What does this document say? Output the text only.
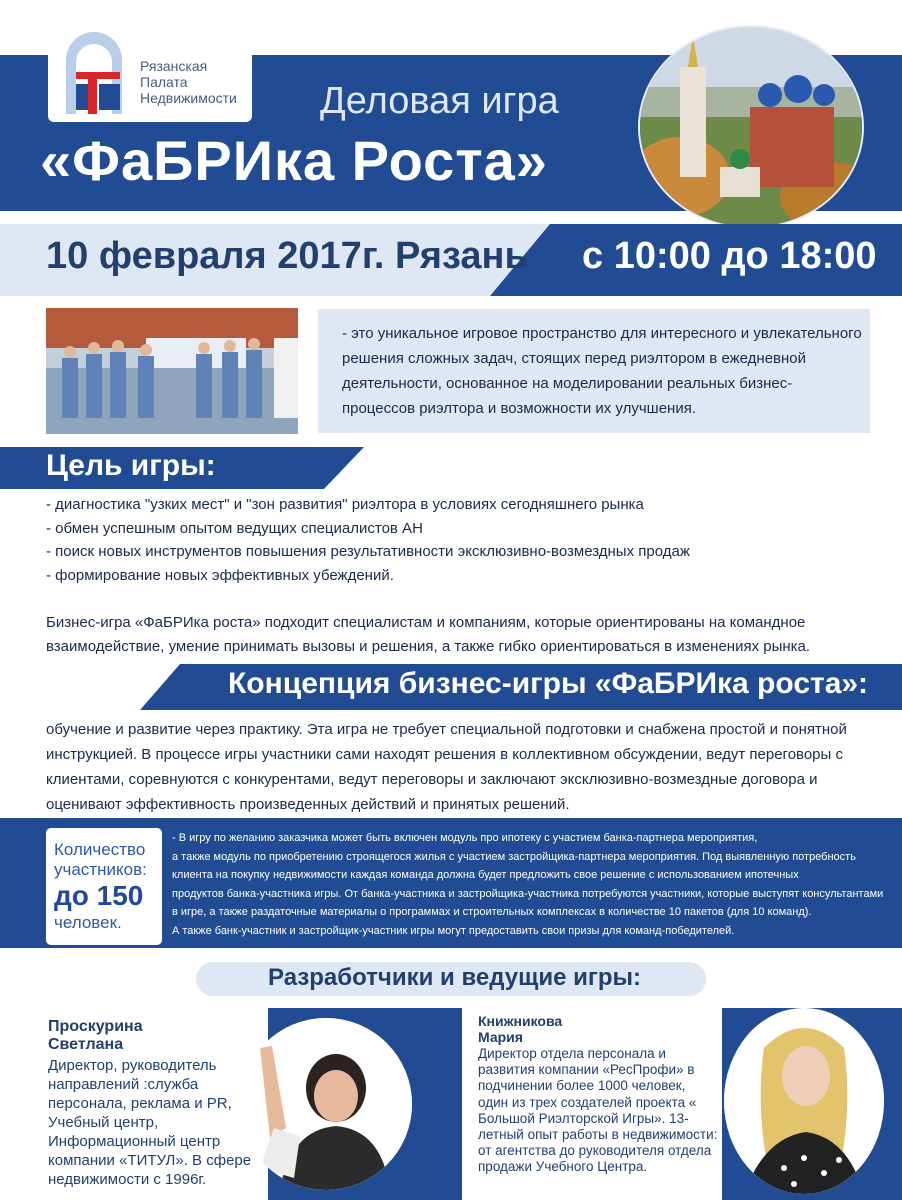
Рязанская
Палата
Недвижимости Деловая игра
«ФаБРИка Роста»
10 февраля 2017г. Рязань с 10:00 до 18:00
- это уникальное игровое пространство для интересного и увлекательного решения сложных задач, стоящих перед риэлтором в ежедневной деятельности, основанное на моделировании реальных бизнес-процессов риэлтора и возможности их улучшения.
Цель игры:
- диагностика "узких мест" и "зон развития" риэлтора в условиях сегодняшнего рынка
- обмен успешным опытом ведущих специалистов АН
- поиск новых инструментов повышения результативности эксклюзивно-возмездных продаж
- формирование новых эффективных убеждений.
Бизнес-игра «ФаБРИка роста» подходит специалистам и компаниям, которые ориентированы на командное взаимодействие, умение принимать вызовы и решения, а также гибко ориентироваться в изменениях рынка.
Концепция бизнес-игры «ФаБРИка роста»:
обучение и развитие через практику. Эта игра не требует специальной подготовки и снабжена простой и понятной инструкцией. В процессе игры участники сами находят решения в коллективном обсуждении, ведут переговоры с клиентами, соревнуются с конкурентами, ведут переговоры и заключают эксклюзивно-возмездные договора и оценивают эффективность произведенных действий и принятых решений.
Количество
участников:
до 150
человек.
- В игру по желанию заказчика может быть включен модуль про ипотеку с участием банка-партнера мероприятия,
а также модуль по приобретению строящегося жилья с участием застройщика-партнера мероприятия. Под выявленную потребность
клиента на покупку недвижимости каждая команда должна будет предложить свое решение с использованием ипотечных
продуктов банка-участника игры. От банка-участника и застройщика-участника потребуются участники, которые выступят консультантами
в игре, а также раздаточные материалы о программах и строительных комплексах в количестве 10 пакетов (для 10 команд).
А также банк-участник и застройщик-участник игры могут предоставить свои призы для команд-победителей.
Разработчики и ведущие игры:
Проскурина
Светлана
Директор, руководитель направлений :служба персонала, реклама и PR, Учебный центр, Информационный центр компании «ТИТУЛ». В сфере недвижимости с 1996г.
Книжникова
Мария
Директор отдела персонала и развития компании «РесПрофи» в подчинении более 1000 человек, один из трех создателей проекта « Большой Риэлторской Игры». 13-летный опыт работы в недвижимости: от агентства до руководителя отдела продажи Учебного Центра.
